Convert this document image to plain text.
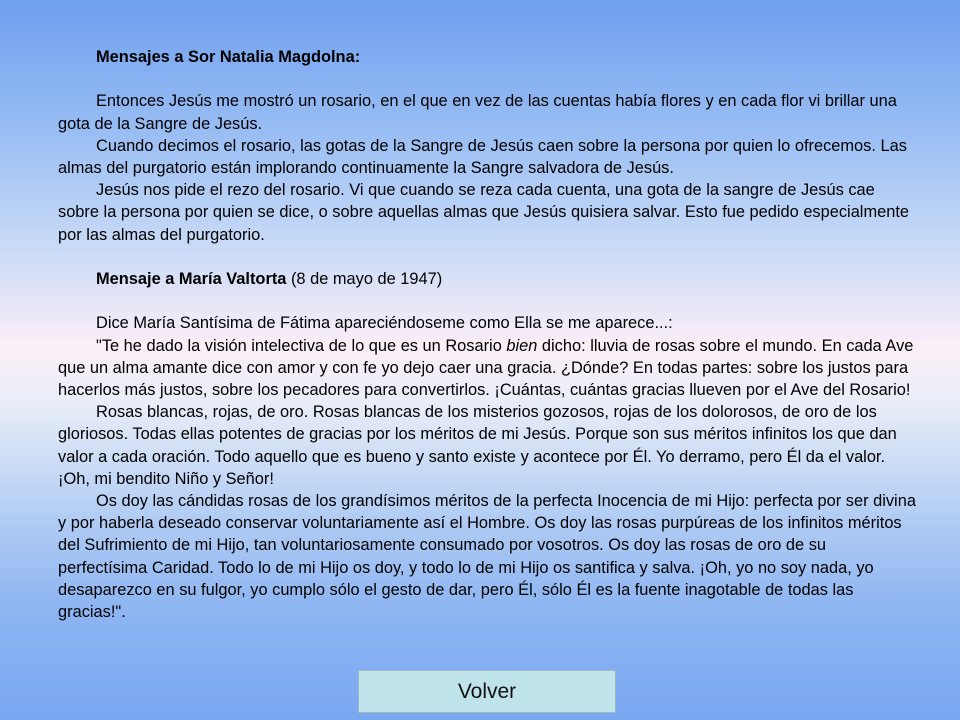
Mensajes a Sor Natalia Magdolna:

Entonces Jesús me mostró un rosario, en el que en vez de las cuentas había flores y en cada flor vi brillar una gota de la Sangre de Jesús.

Cuando decimos el rosario, las gotas de la Sangre de Jesús caen sobre la persona por quien lo ofrecemos. Las almas del purgatorio están implorando continuamente la Sangre salvadora de Jesús.

Jesús nos pide el rezo del rosario. Vi que cuando se reza cada cuenta, una gota de la sangre de Jesús cae sobre la persona por quien se dice, o sobre aquellas almas que Jesús quisiera salvar. Esto fue pedido especialmente por las almas del purgatorio.

Mensaje a María Valtorta (8 de mayo de 1947)

Dice María Santísima de Fátima apareciéndoseme como Ella se me aparece...:

"Te he dado la visión intelectiva de lo que es un Rosario bien dicho: lluvia de rosas sobre el mundo. En cada Ave que un alma amante dice con amor y con fe yo dejo caer una gracia. ¿Dónde? En todas partes: sobre los justos para hacerlos más justos, sobre los pecadores para convertirlos. ¡Cuántas, cuántas gracias llueven por el Ave del Rosario!

Rosas blancas, rojas, de oro. Rosas blancas de los misterios gozosos, rojas de los dolorosos, de oro de los gloriosos. Todas ellas potentes de gracias por los méritos de mi Jesús. Porque son sus méritos infinitos los que dan valor a cada oración. Todo aquello que es bueno y santo existe y acontece por Él. Yo derramo, pero Él da el valor. ¡Oh, mi bendito Niño y Señor!

Os doy las cándidas rosas de los grandísimos méritos de la perfecta Inocencia de mi Hijo: perfecta por ser divina y por haberla deseado conservar voluntariamente así el Hombre. Os doy las rosas purpúreas de los infinitos méritos del Sufrimiento de mi Hijo, tan voluntariosamente consumado por vosotros. Os doy las rosas de oro de su perfectísima Caridad. Todo lo de mi Hijo os doy, y todo lo de mi Hijo os santifica y salva. ¡Oh, yo no soy nada, yo desaparezco en su fulgor, yo cumplo sólo el gesto de dar, pero Él, sólo Él es la fuente inagotable de todas las gracias!".

Volver
